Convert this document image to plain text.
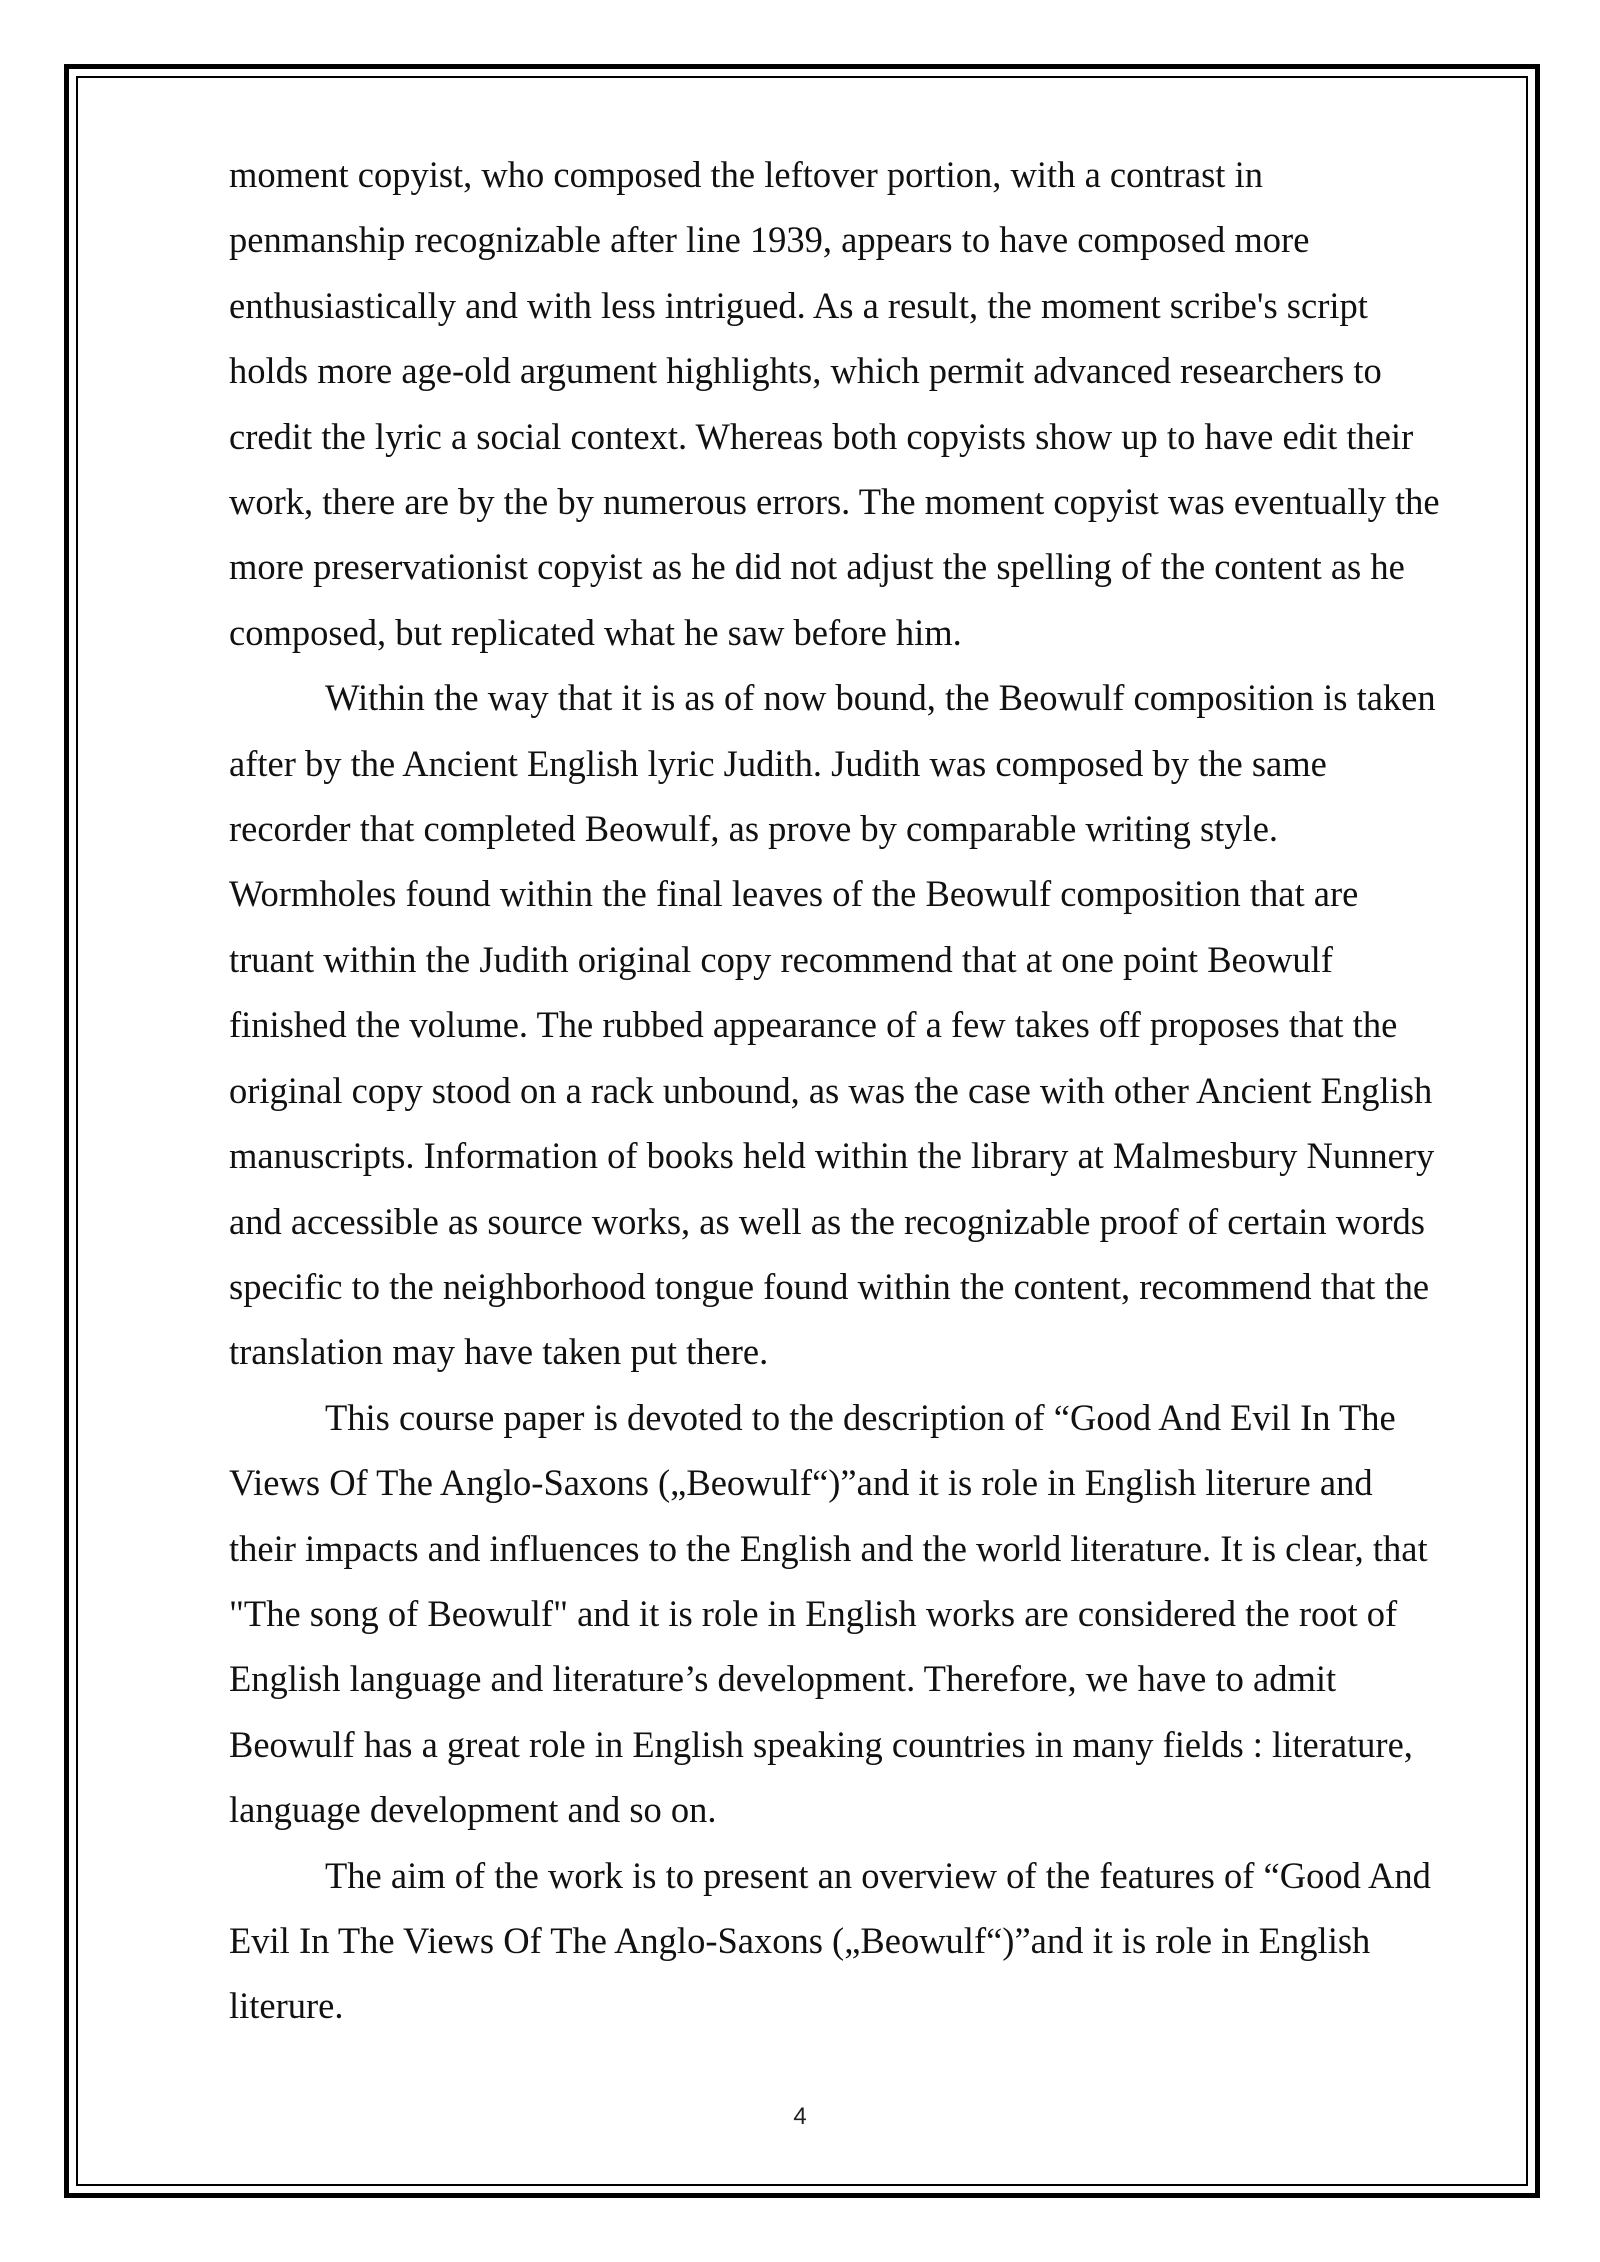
moment copyist, who composed the leftover portion, with a contrast in
penmanship recognizable after line 1939, appears to have composed more
enthusiastically and with less intrigued. As a result, the moment scribe's script
holds more age-old argument highlights, which permit advanced researchers to
credit the lyric a social context. Whereas both copyists show up to have edit their
work, there are by the by numerous errors. The moment copyist was eventually the
more preservationist copyist as he did not adjust the spelling of the content as he
composed, but replicated what he saw before him.

Within the way that it is as of now bound, the Beowulf composition is taken
after by the Ancient English lyric Judith. Judith was composed by the same
recorder that completed Beowulf, as prove by comparable writing style.
Wormholes found within the final leaves of the Beowulf composition that are
truant within the Judith original copy recommend that at one point Beowulf
finished the volume. The rubbed appearance of a few takes off proposes that the
original copy stood on a rack unbound, as was the case with other Ancient English
manuscripts. Information of books held within the library at Malmesbury Nunnery
and accessible as source works, as well as the recognizable proof of certain words
specific to the neighborhood tongue found within the content, recommend that the
translation may have taken put there.

This course paper is devoted to the description of “Good And Evil In The
Views Of The Anglo-Saxons („Beowulf“)”and it is role in English literure and
their impacts and influences to the English and the world literature. It is clear, that
"The song of Beowulf" and it is role in English works are considered the root of
English language and literature’s development. Therefore, we have to admit
Beowulf has a great role in English speaking countries in many fields : literature,
language development and so on.

The aim of the work is to present an overview of the features of “Good And
Evil In The Views Of The Anglo-Saxons („Beowulf“)”and it is role in English
literure.

4
